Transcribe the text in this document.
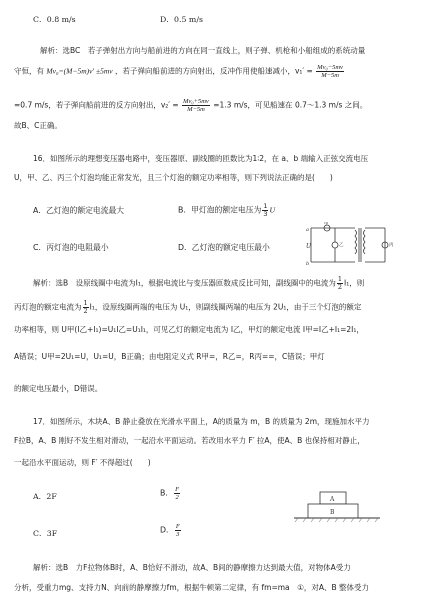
C．0.8 m/s	D．0.5 m/s
解析：选BC　若子弹射出方向与船前进的方向在同一直线上，则子弹、机枪和小船组成的系统动量
守恒，有 Mv₀=(M−5m)v′ ±5mv ，若子弹向船前进的方向射出，反冲作用使船速减小，$v_1' = \frac{\text{Mv₀−5mv}}{M-5m}$
=0.7 m/s，若子弹向船前进的反方向射出，$v_2' = \frac{\text{Mv₀+5mv}}{M-5m} =1.3$ m/s，可见船速在 0.7～1.3 m/s 之间。
故B、C正确。
16．如图所示的理想变压器电路中，变压器原、副线圈的匝数比为1∶2，在 a、b 端输入正弦交流电压
U，甲、乙、丙三个灯泡均能正常发光，且三个灯泡的额定功率相等，则下列说法正确的是(　　)
A．乙灯泡的额定电流最大	B．甲灯泡的额定电压为 $\frac{1}{3}$ U
C．丙灯泡的电阻最小	D．乙灯泡的额定电压最小	U
a
b
甲
乙	丙
解析：选B　设原线圈中电流为I₁，根据电流比与变压器匝数成反比可知，副线圈中的电流为 $\frac{1}{2} I_1$，则
丙灯泡的额定电流为 $\frac{1}{2} I_1$，设原线圈两端的电压为 U₁，则副线圈两端的电压为 2U₁，由于三个灯泡的额定
功率相等，则 U甲(I乙+I₁)=U₁I乙=U₁I₁，可见乙灯的额定电流为 I乙，甲灯的额定电流 I甲=I乙+I₁=2I₁，
A错误；U甲=2U₁=U，U₁=U，B正确；由电阻定义式 R甲=，R乙=，R丙==，C错误；甲灯
的额定电压最小，D错误。
17．如图所示，木块A、B 静止叠放在光滑水平面上，A的质量为 m，B 的质量为 2m，现施加水平力
F拉B，A、B 刚好不发生相对滑动，一起沿水平面运动。若改用水平力 F′ 拉A，使A、B 也保持相对静止，
一起沿水平面运动，则 F′ 不得超过(　　)
A．2F	B． $\frac{F}{2}$
C．3F	D． $\frac{F}{3}$
A
B
解析：选B　力F拉物体B时，A、B恰好不滑动，故A、B间的静摩擦力达到最大值，对物体A受力
分析，受重力mg、支持力N、向前的静摩擦力fm，根据牛顿第二定律，有 fm=ma　①，对A、B 整体受力
